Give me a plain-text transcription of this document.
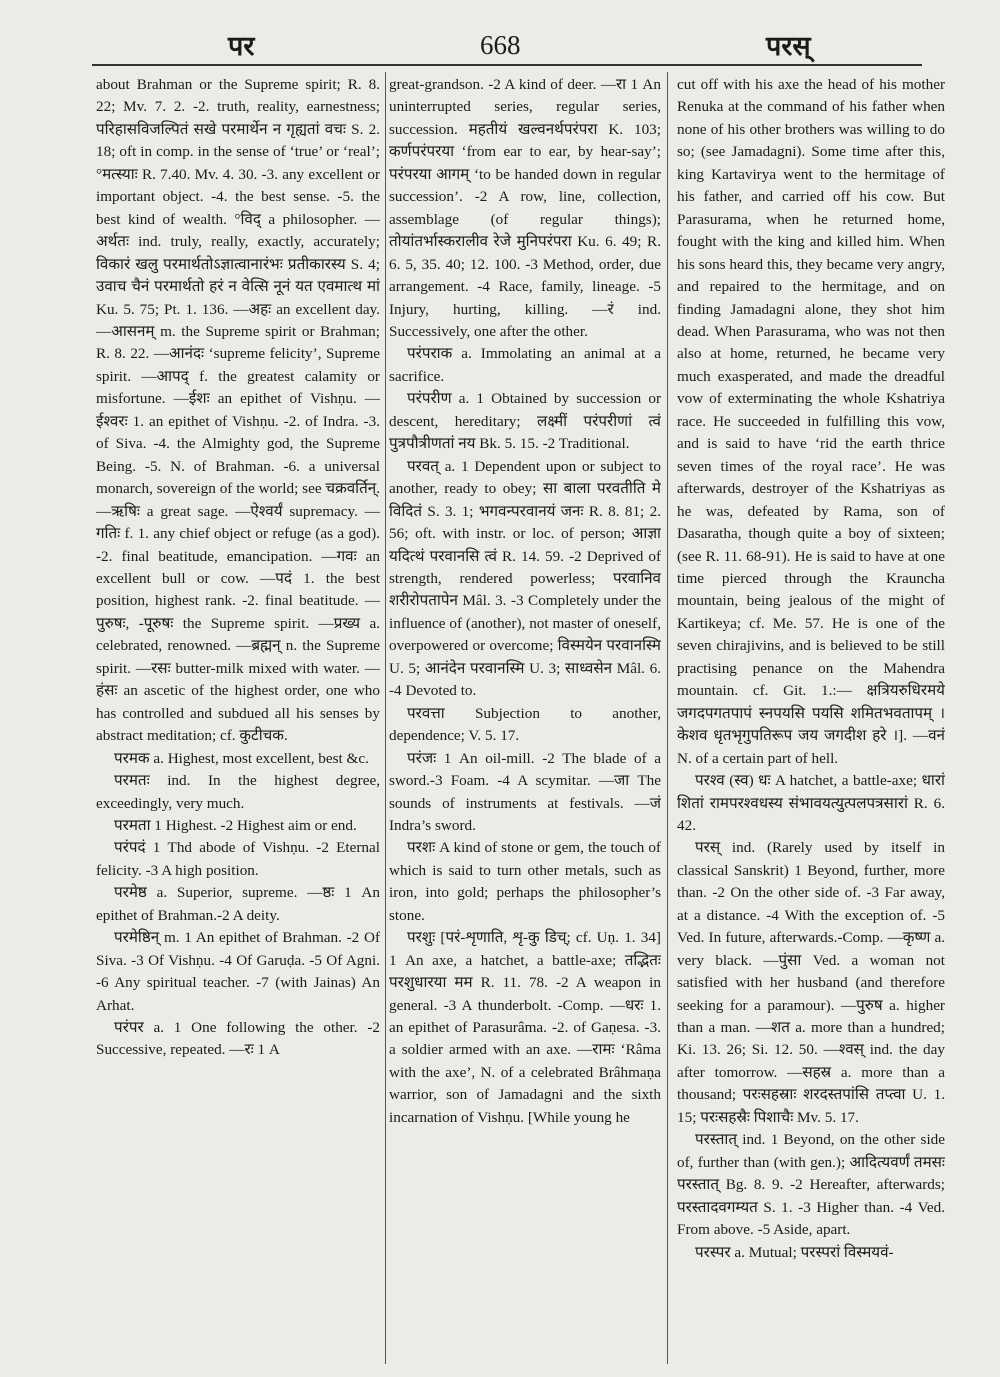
पर	668	परस्

about Brahman or the Supreme spirit; R. 8. 22; Mv. 7. 2. -2. truth, reality, earnestness; परिहासविजल्पितं सखे परमार्थेन न गृह्यतां वचः S. 2. 18; oft in comp. in the sense of ‘true’ or ‘real’; °मत्स्याः R. 7.40. Mv. 4. 30. -3. any excellent or important object. -4. the best sense. -5. the best kind of wealth. °विद् a philosopher. —अर्थतः ind. truly, really, exactly, accurately; विकारं खलु परमार्थतोऽज्ञात्वानारंभः प्रतीकारस्य S. 4; उवाच चैनं परमार्थतो हरं न वेत्सि नूनं यत एवमात्थ मां Ku. 5. 75; Pt. 1. 136. —अहः an excellent day. —आसनम् m. the Supreme spirit or Brahman; R. 8. 22. —आनंदः ‘supreme felicity’, Supreme spirit. —आपद् f. the greatest calamity or misfortune. —ईशः an epithet of Vishṇu. —ईश्वरः 1. an epithet of Vishṇu. -2. of Indra. -3. of Siva. -4. the Almighty god, the Supreme Being. -5. N. of Brahman. -6. a universal monarch, sovereign of the world; see चक्रवर्तिन्. —ऋषिः a great sage. —ऐश्वर्यं supremacy. —गतिः f. 1. any chief object or refuge (as a god). -2. final beatitude, emancipation. —गवः an excellent bull or cow. —पदं 1. the best position, highest rank. -2. final beatitude. —पुरुषः, -पूरुषः the Supreme spirit. —प्रख्य a. celebrated, renowned. —ब्रह्मन् n. the Supreme spirit. —रसः butter-milk mixed with water. —हंसः an ascetic of the highest order, one who has controlled and subdued all his senses by abstract meditation; cf. कुटीचक.

परमक a. Highest, most excellent, best &c.

परमतः ind. In the highest degree, exceedingly, very much.

परमता 1 Highest. -2 Highest aim or end.

परंपदं 1 Thd abode of Vishṇu. -2 Eternal felicity. -3 A high position.

परमेष्ठ a. Superior, supreme. —ष्ठः 1 An epithet of Brahman.-2 A deity.

परमेष्ठिन् m. 1 An epithet of Brahman. -2 Of Siva. -3 Of Vishṇu. -4 Of Garuḍa. -5 Of Agni. -6 Any spiritual teacher. -7 (with Jainas) An Arhat.

परंपर a. 1 One following the other. -2 Successive, repeated. —रः 1 A

great-grandson. -2 A kind of deer. —रा 1 An uninterrupted series, regular series, succession. महतीयं खल्वनर्थपरंपरा K. 103; कर्णपरंपरया ‘from ear to ear, by hear-say’; परंपरया आगम् ‘to be handed down in regular succession’. -2 A row, line, collection, assemblage (of regular things); तोयांतर्भास्करालीव रेजे मुनिपरंपरा Ku. 6. 49; R. 6. 5, 35. 40; 12. 100. -3 Method, order, due arrangement. -4 Race, family, lineage. -5 Injury, hurting, killing. —रं ind. Successively, one after the other.

परंपराक a. Immolating an animal at a sacrifice.

परंपरीण a. 1 Obtained by succession or descent, hereditary; लक्ष्मीं परंपरीणां त्वं पुत्रपौत्रीणतां नय Bk. 5. 15. -2 Traditional.

परवत् a. 1 Dependent upon or subject to another, ready to obey; सा बाला परवतीति मे विदितं S. 3. 1; भगवन्परवानयं जनः R. 8. 81; 2. 56; oft. with instr. or loc. of person; आज्ञा यदित्थं परवानसि त्वं R. 14. 59. -2 Deprived of strength, rendered powerless; परवानिव शरीरोपतापेन Mâl. 3. -3 Completely under the influence of (another), not master of oneself, overpowered or overcome; विस्मयेन परवानस्मि U. 5; आनंदेन परवानस्मि U. 3; साध्वसेन Mâl. 6. -4 Devoted to.

परवत्ता Subjection to another, dependence; V. 5. 17.

परंजः 1 An oil-mill. -2 The blade of a sword.-3 Foam. -4 A scymitar. —जा The sounds of instruments at festivals. —जं Indra’s sword.

परशः A kind of stone or gem, the touch of which is said to turn other metals, such as iron, into gold; perhaps the philosopher’s stone.

परशुः [परं-शृणाति, शृ-कु डिच्; cf. Uṇ. 1. 34] 1 An axe, a hatchet, a battle-axe; तद्भितः परशुधारया मम R. 11. 78. -2 A weapon in general. -3 A thunderbolt. -Comp. —धरः 1. an epithet of Parasurâma. -2. of Gaṇesa. -3. a soldier armed with an axe. —रामः ‘Râma with the axe’, N. of a celebrated Brâhmaṇa warrior, son of Jamadagni and the sixth incarnation of Vishṇu. [While young he

cut off with his axe the head of his mother Renuka at the command of his father when none of his other brothers was willing to do so; (see Jamadagni). Some time after this, king Kartavirya went to the hermitage of his father, and carried off his cow. But Parasurama, when he returned home, fought with the king and killed him. When his sons heard this, they became very angry, and repaired to the hermitage, and on finding Jamadagni alone, they shot him dead. When Parasurama, who was not then also at home, returned, he became very much exasperated, and made the dreadful vow of exterminating the whole Kshatriya race. He succeeded in fulfilling this vow, and is said to have ‘rid the earth thrice seven times of the royal race’. He was afterwards, destroyer of the Kshatriyas as he was, defeated by Rama, son of Dasaratha, though quite a boy of sixteen; (see R. 11. 68-91). He is said to have at one time pierced through the Krauncha mountain, being jealous of the might of Kartikeya; cf. Me. 57. He is one of the seven chirajivins, and is believed to be still practising penance on the Mahendra mountain. cf. Git. 1.:— क्षत्रियरुधिरमये जगदपगतपापं स्नपयसि पयसि शमितभवतापम् । केशव धृतभृगुपतिरूप जय जगदीश हरे ।]. —वनं N. of a certain part of hell.

परश्व (स्व) धः A hatchet, a battle-axe; धारां शितां रामपरश्वधस्य संभावयत्युत्पलपत्रसारां R. 6. 42.

परस् ind. (Rarely used by itself in classical Sanskrit) 1 Beyond, further, more than. -2 On the other side of. -3 Far away, at a distance. -4 With the exception of. -5 Ved. In future, afterwards.-Comp. —कृष्ण a. very black. —पुंसा Ved. a woman not satisfied with her husband (and therefore seeking for a paramour). —पुरुष a. higher than a man. —शत a. more than a hundred; Ki. 13. 26; Si. 12. 50. —श्वस् ind. the day after tomorrow. —सहस्र a. more than a thousand; परःसहस्राः शरदस्तपांसि तप्त्वा U. 1. 15; परःसहस्रैः पिशाचैः Mv. 5. 17.

परस्तात् ind. 1 Beyond, on the other side of, further than (with gen.); आदित्यवर्णं तमसः परस्तात् Bg. 8. 9. -2 Hereafter, afterwards; परस्तादवगम्यत S. 1. -3 Higher than. -4 Ved. From above. -5 Aside, apart.

परस्पर a. Mutual; परस्परां विस्मयवं-
